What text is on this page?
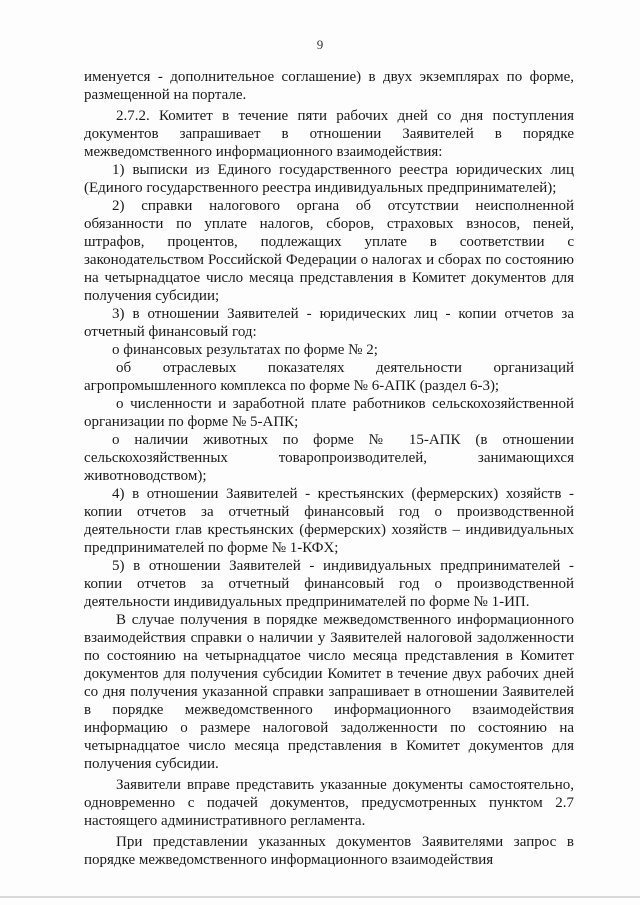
9

именуется - дополнительное соглашение) в двух экземплярах по форме, размещенной на портале.

2.7.2. Комитет в течение пяти рабочих дней со дня поступления документов запрашивает в отношении Заявителей в порядке межведомственного информационного взаимодействия:

1) выписки из Единого государственного реестра юридических лиц (Единого государственного реестра индивидуальных предпринимателей);

2) справки налогового органа об отсутствии неисполненной обязанности по уплате налогов, сборов, страховых взносов, пеней, штрафов, процентов, подлежащих уплате в соответствии с законодательством Российской Федерации о налогах и сборах по состоянию на четырнадцатое число месяца представления в Комитет документов для получения субсидии;

3) в отношении Заявителей - юридических лиц - копии отчетов за отчетный финансовый год:

о финансовых результатах по форме № 2;

об отраслевых показателях деятельности организаций агропромышленного комплекса по форме № 6-АПК (раздел 6-3);

о численности и заработной плате работников сельскохозяйственной организации по форме № 5-АПК;

о наличии животных по форме № 15-АПК (в отношении сельскохозяйственных товаропроизводителей, занимающихся животноводством);

4) в отношении Заявителей - крестьянских (фермерских) хозяйств - копии отчетов за отчетный финансовый год о производственной деятельности глав крестьянских (фермерских) хозяйств – индивидуальных предпринимателей по форме № 1-КФХ;

5) в отношении Заявителей - индивидуальных предпринимателей - копии отчетов за отчетный финансовый год о производственной деятельности индивидуальных предпринимателей по форме № 1-ИП.

В случае получения в порядке межведомственного информационного взаимодействия справки о наличии у Заявителей налоговой задолженности по состоянию на четырнадцатое число месяца представления в Комитет документов для получения субсидии Комитет в течение двух рабочих дней со дня получения указанной справки запрашивает в отношении Заявителей в порядке межведомственного информационного взаимодействия информацию о размере налоговой задолженности по состоянию на четырнадцатое число месяца представления в Комитет документов для получения субсидии.

Заявители вправе представить указанные документы самостоятельно, одновременно с подачей документов, предусмотренных пунктом 2.7 настоящего административного регламента.

При представлении указанных документов Заявителями запрос в порядке межведомственного информационного взаимодействия
